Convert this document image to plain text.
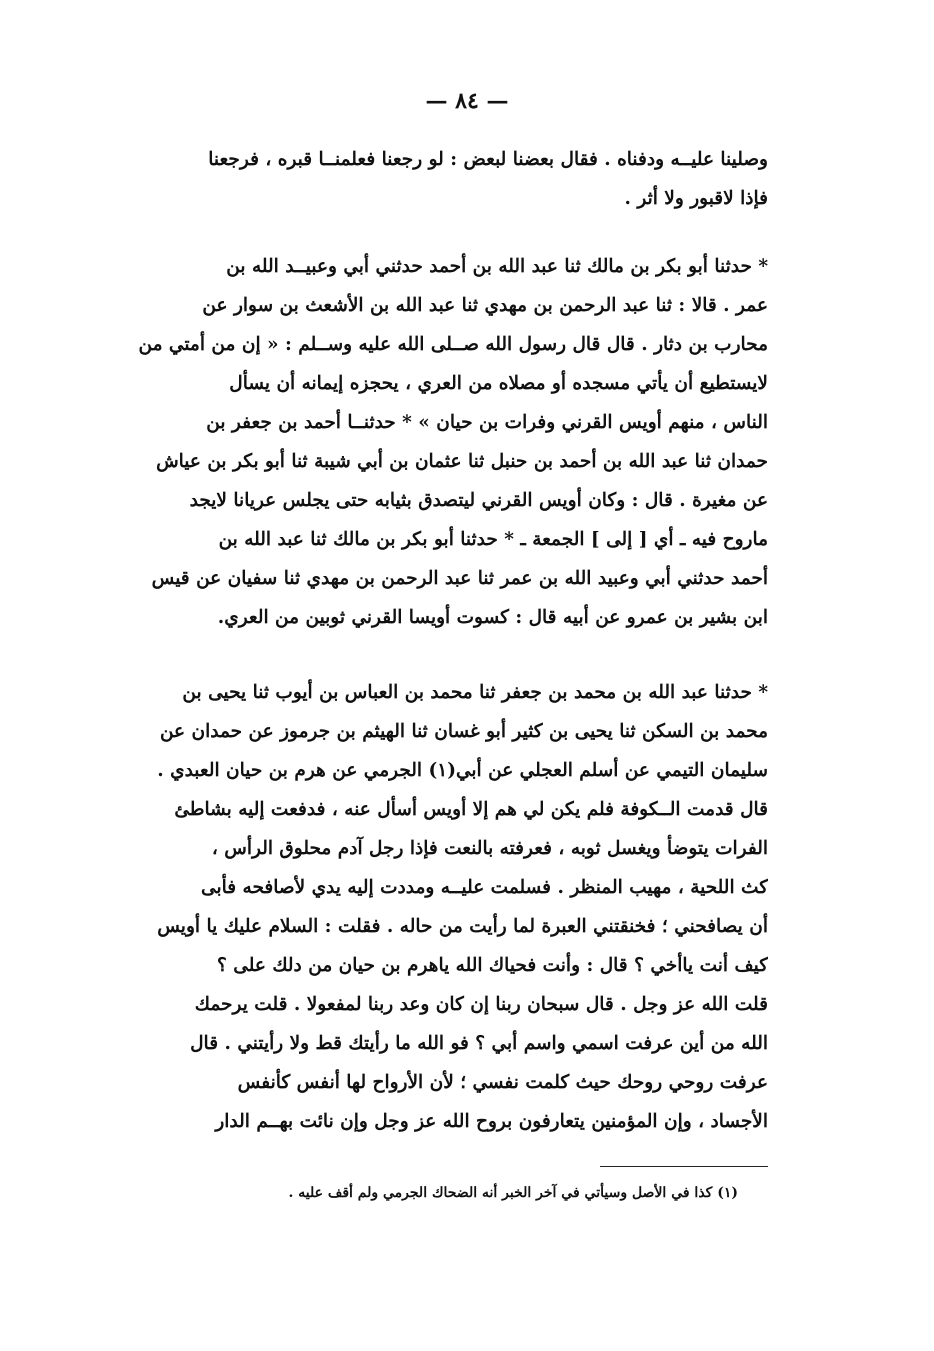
— ٨٤ —
وصلينا عليــه ودفناه . فقال بعضنا لبعض : لو رجعنا فعلمنــا قبره ، فرجعنا
فإذا لاقبور ولا أثر .
* حدثنا أبو بكر بن مالك ثنا عبد الله بن أحمد حدثني أبي وعبيــد الله بن
عمر . قالا : ثنا عبد الرحمن بن مهدي ثنا عبد الله بن الأشعث بن سوار عن
محارب بن دثار . قال قال رسول الله صــلى الله عليه وســلم : « إن من أمتي من
لايستطيع أن يأتي مسجده أو مصلاه من العري ، يحجزه إيمانه أن يسأل
الناس ، منهم أويس القرني وفرات بن حيان » * حدثنــا أحمد بن جعفر بن
حمدان ثنا عبد الله بن أحمد بن حنبل ثنا عثمان بن أبي شيبة ثنا أبو بكر بن عياش
عن مغيرة . قال : وكان أويس القرني ليتصدق بثيابه حتى يجلس عريانا لايجد
ماروح فيه ـ أي [ إلى ] الجمعة ـ * حدثنا أبو بكر بن مالك ثنا عبد الله بن
أحمد حدثني أبي وعبيد الله بن عمر ثنا عبد الرحمن بن مهدي ثنا سفيان عن قيس
ابن بشير بن عمرو عن أبيه قال : كسوت أويسا القرني ثوبين من العري.
* حدثنا عبد الله بن محمد بن جعفر ثنا محمد بن العباس بن أيوب ثنا يحيى بن
محمد بن السكن ثنا يحيى بن كثير أبو غسان ثنا الهيثم بن جرموز عن حمدان عن
سليمان التيمي عن أسلم العجلي عن أبي(١) الجرمي عن هرم بن حيان العبدي .
قال قدمت الــكوفة فلم يكن لي هم إلا أويس أسأل عنه ، فدفعت إليه بشاطئ
الفرات يتوضأ ويغسل ثوبه ، فعرفته بالنعت فإذا رجل آدم محلوق الرأس ،
كث اللحية ، مهيب المنظر . فسلمت عليــه ومددت إليه يدي لأصافحه فأبى
أن يصافحني ؛ فخنقتني العبرة لما رأيت من حاله . فقلت : السلام عليك يا أويس
كيف أنت ياأخي ؟ قال : وأنت فحياك الله ياهرم بن حيان من دلك على ؟
قلت الله عز وجل . قال سبحان ربنا إن كان وعد ربنا لمفعولا . قلت يرحمك
الله من أين عرفت اسمي واسم أبي ؟ فو الله ما رأيتك قط ولا رأيتني . قال
عرفت روحي روحك حيث كلمت نفسي ؛ لأن الأرواح لها أنفس كأنفس
الأجساد ، وإن المؤمنين يتعارفون بروح الله عز وجل وإن نائت بهــم الدار
(١) كذا في الأصل وسيأتي في آخر الخبر أنه الضحاك الجرمي ولم أقف عليه .
